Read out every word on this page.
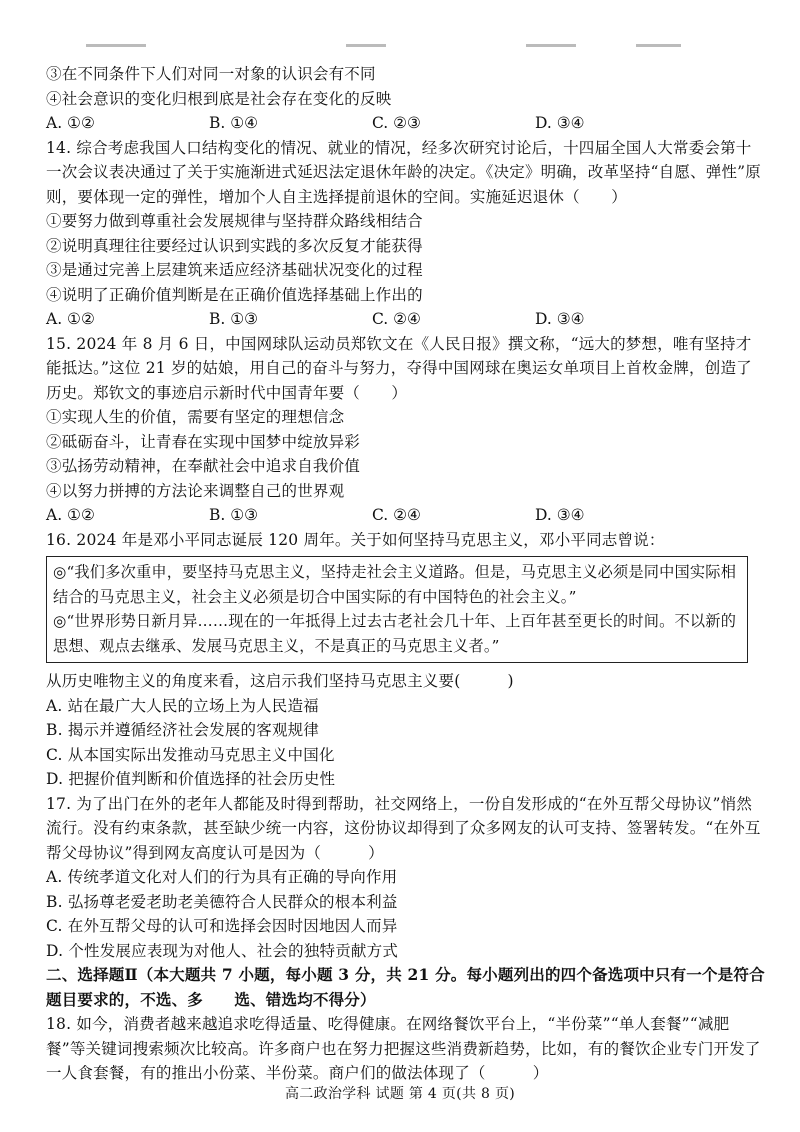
③在不同条件下人们对同一对象的认识会有不同
④社会意识的变化归根到底是社会存在变化的反映
A. ①②	B. ①④	C. ②③	D. ③④
14. 综合考虑我国人口结构变化的情况、就业的情况，经多次研究讨论后，十四届全国人大常委会第十一次会议表决通过了关于实施渐进式延迟法定退休年龄的决定。《决定》明确，改革坚持“自愿、弹性”原则，要体现一定的弹性，增加个人自主选择提前退休的空间。实施延迟退休（　　）
①要努力做到尊重社会发展规律与坚持群众路线相结合
②说明真理往往要经过认识到实践的多次反复才能获得
③是通过完善上层建筑来适应经济基础状况变化的过程
④说明了正确价值判断是在正确价值选择基础上作出的
A. ①②	B. ①③	C. ②④	D. ③④
15. 2024 年 8 月 6 日，中国网球队运动员郑钦文在《人民日报》撰文称，“远大的梦想，唯有坚持才能抵达。”这位 21 岁的姑娘，用自己的奋斗与努力，夺得中国网球在奥运女单项目上首枚金牌，创造了历史。郑钦文的事迹启示新时代中国青年要（　　）
①实现人生的价值，需要有坚定的理想信念
②砥砺奋斗，让青春在实现中国梦中绽放异彩
③弘扬劳动精神，在奉献社会中追求自我价值
④以努力拼搏的方法论来调整自己的世界观
A. ①②	B. ①③	C. ②④	D. ③④
16. 2024 年是邓小平同志诞辰 120 周年。关于如何坚持马克思主义，邓小平同志曾说：
◎“我们多次重申，要坚持马克思主义，坚持走社会主义道路。但是，马克思主义必须是同中国实际相结合的马克思主义，社会主义必须是切合中国实际的有中国特色的社会主义。”
◎“世界形势日新月异……现在的一年抵得上过去古老社会几十年、上百年甚至更长的时间。不以新的思想、观点去继承、发展马克思主义，不是真正的马克思主义者。”
从历史唯物主义的角度来看，这启示我们坚持马克思主义要(　　　)
A. 站在最广大人民的立场上为人民造福
B. 揭示并遵循经济社会发展的客观规律
C. 从本国实际出发推动马克思主义中国化
D. 把握价值判断和价值选择的社会历史性
17. 为了出门在外的老年人都能及时得到帮助，社交网络上，一份自发形成的“在外互帮父母协议”悄然流行。没有约束条款，甚至缺少统一内容，这份协议却得到了众多网友的认可支持、签署转发。“在外互帮父母协议”得到网友高度认可是因为（　　　）
A. 传统孝道文化对人们的行为具有正确的导向作用
B. 弘扬尊老爱老助老美德符合人民群众的根本利益
C. 在外互帮父母的认可和选择会因时因地因人而异
D. 个性发展应表现为对他人、社会的独特贡献方式
二、选择题Ⅱ（本大题共 7 小题，每小题 3 分，共 21 分。每小题列出的四个备选项中只有一个是符合题目要求的，不选、多　　选、错选均不得分）
18. 如今，消费者越来越追求吃得适量、吃得健康。在网络餐饮平台上，“半份菜”“单人套餐”“减肥餐”等关键词搜索频次比较高。许多商户也在努力把握这些消费新趋势，比如，有的餐饮企业专门开发了一人食套餐，有的推出小份菜、半份菜。商户们的做法体现了（　　　）
高二政治学科 试题 第 4 页(共 8 页)
